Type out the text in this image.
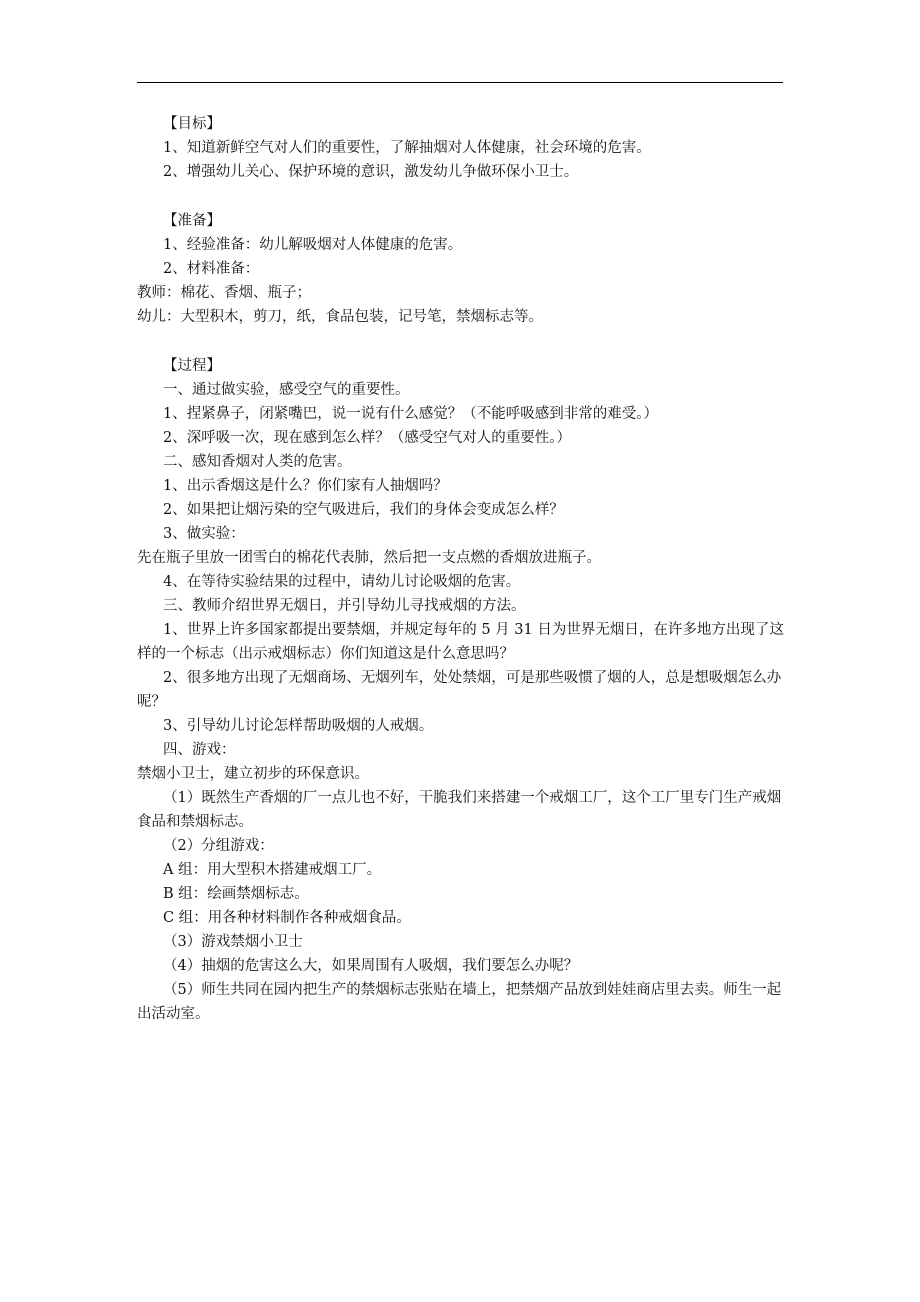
【目标】
1、知道新鲜空气对人们的重要性，了解抽烟对人体健康，社会环境的危害。
2、增强幼儿关心、保护环境的意识，激发幼儿争做环保小卫士。
【准备】
1、经验准备：幼儿解吸烟对人体健康的危害。
2、材料准备：
教师：棉花、香烟、瓶子；
幼儿：大型积木，剪刀，纸，食品包装，记号笔，禁烟标志等。
【过程】
一、通过做实验，感受空气的重要性。
1、捏紧鼻子，闭紧嘴巴，说一说有什么感觉？（不能呼吸感到非常的难受。）
2、深呼吸一次，现在感到怎么样？（感受空气对人的重要性。）
二、感知香烟对人类的危害。
1、出示香烟这是什么？你们家有人抽烟吗？
2、如果把让烟污染的空气吸进后，我们的身体会变成怎么样？
3、做实验：
先在瓶子里放一团雪白的棉花代表肺，然后把一支点燃的香烟放进瓶子。
4、在等待实验结果的过程中，请幼儿讨论吸烟的危害。
三、教师介绍世界无烟日，并引导幼儿寻找戒烟的方法。
1、世界上许多国家都提出要禁烟，并规定每年的 5 月 31 日为世界无烟日，在许多地方出现了这样的一个标志（出示戒烟标志）你们知道这是什么意思吗？
2、很多地方出现了无烟商场、无烟列车，处处禁烟，可是那些吸惯了烟的人，总是想吸烟怎么办呢？
3、引导幼儿讨论怎样帮助吸烟的人戒烟。
四、游戏：
禁烟小卫士，建立初步的环保意识。
（1）既然生产香烟的厂一点儿也不好，干脆我们来搭建一个戒烟工厂，这个工厂里专门生产戒烟食品和禁烟标志。
（2）分组游戏：
A 组：用大型积木搭建戒烟工厂。
B 组：绘画禁烟标志。
C 组：用各种材料制作各种戒烟食品。
（3）游戏禁烟小卫士
（4）抽烟的危害这么大，如果周围有人吸烟，我们要怎么办呢？
（5）师生共同在园内把生产的禁烟标志张贴在墙上，把禁烟产品放到娃娃商店里去卖。师生一起出活动室。
